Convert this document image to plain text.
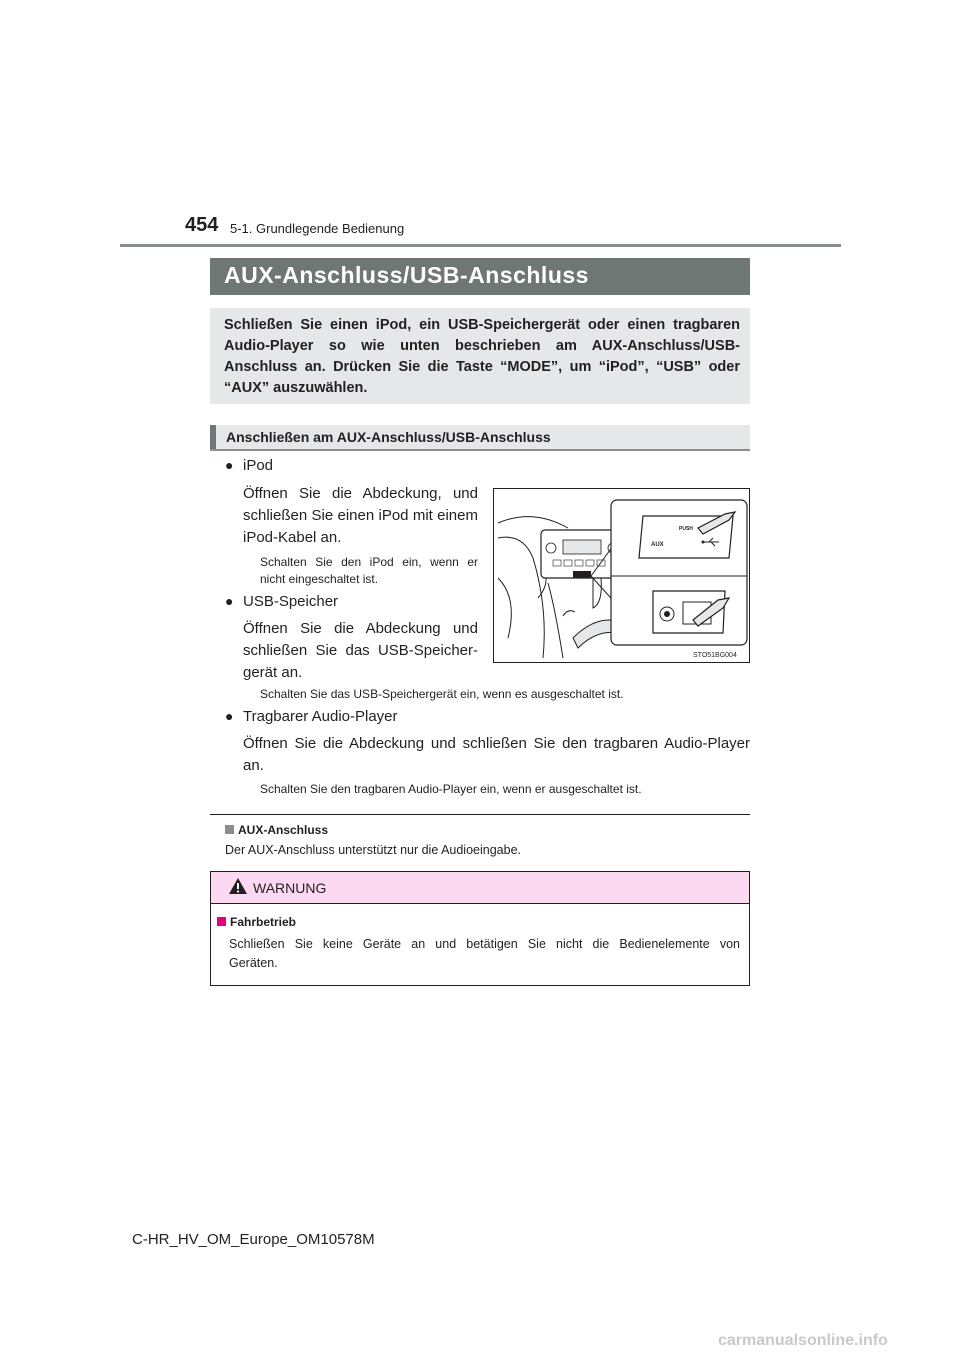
454 5-1. Grundlegende Bedienung
AUX-Anschluss/USB-Anschluss
Schließen Sie einen iPod, ein USB-Speichergerät oder einen tragbaren Audio-Player so wie unten beschrieben am AUX-Anschluss/USB-Anschluss an. Drücken Sie die Taste “MODE”, um “iPod”, “USB” oder “AUX” auszuwählen.
Anschließen am AUX-Anschluss/USB-Anschluss
● iPod
Öffnen Sie die Abdeckung, und
schließen Sie einen iPod mit einem
iPod-Kabel an.
Schalten Sie den iPod ein, wenn er
nicht eingeschaltet ist.
● USB-Speicher
Öffnen Sie die Abdeckung und
schließen Sie das USB-Speicher-
gerät an.
Schalten Sie das USB-Speichergerät ein, wenn es ausgeschaltet ist.
● Tragbarer Audio-Player
Öffnen Sie die Abdeckung und schließen Sie den tragbaren Audio-Player
an.
Schalten Sie den tragbaren Audio-Player ein, wenn er ausgeschaltet ist.
PUSH
AUX
STO51BG004
AUX-Anschluss
Der AUX-Anschluss unterstützt nur die Audioeingabe.
WARNUNG
Fahrbetrieb
Schließen Sie keine Geräte an und betätigen Sie nicht die Bedienelemente von
Geräten.
C-HR_HV_OM_Europe_OM10578M
carmanualsonline.info
